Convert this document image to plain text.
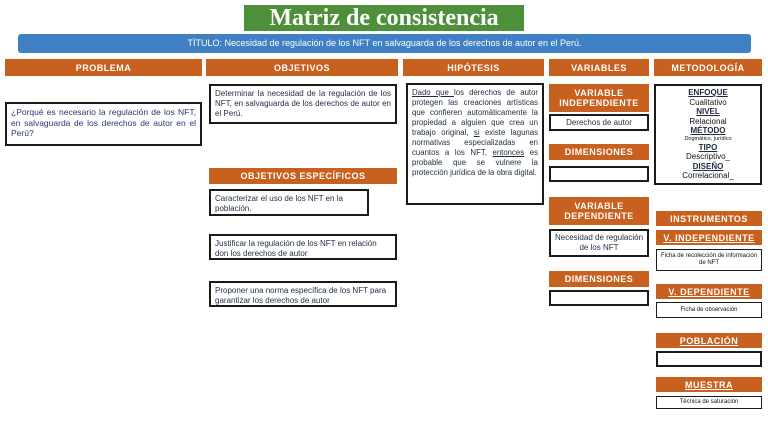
Matriz de consistencia
TÍTULO: Necesidad de regulación de los NFT en salvaguarda de los derechos de autor en el Perú.
PROBLEMA	OBJETIVOS	HIPÓTESIS	VARIABLES	METODOLOGÍA
¿Porqué es necesario la regulación de los NFT, en salvaguarda de los derechos de autor en el Perú?
Determinar la necesidad de la regulación de los NFT, en salvaguarda de los derechos de autor en el Perú.
OBJETIVOS ESPECÍFICOS
Caracterizar el uso de los NFT en la población.
Justificar la regulación de los NFT en relación don los derechos de autor
Proponer una norma específica de los NFT para garantizar los derechos de autor
Dado que los derechos de autor protegen las creaciones artísticas que confieren automáticamente la propiedad a alguien que crea un trabajo original, si existe lagunas normativas especializadas en cuantos a los NFT, entonces es probable que se vulnere la protección jurídica de la obra digital.
VARIABLE INDEPENDIENTE
Derechos de autor
DIMENSIONES
VARIABLE DEPENDIENTE
Necesidad de regulación de los NFT
DIMENSIONES
ENFOQUE
Cualitativo
NIVEL
Relacional
MÉTODO
Dogmático, jurídico
TIPO
Descriptivo_
DISEÑO
Correlacional_
INSTRUMENTOS
V. INDEPENDIENTE
Ficha de recolección de información de NFT
V. DEPENDIENTE
Ficha de observación
POBLACIÓN
MUESTRA
Técnica de saturación
